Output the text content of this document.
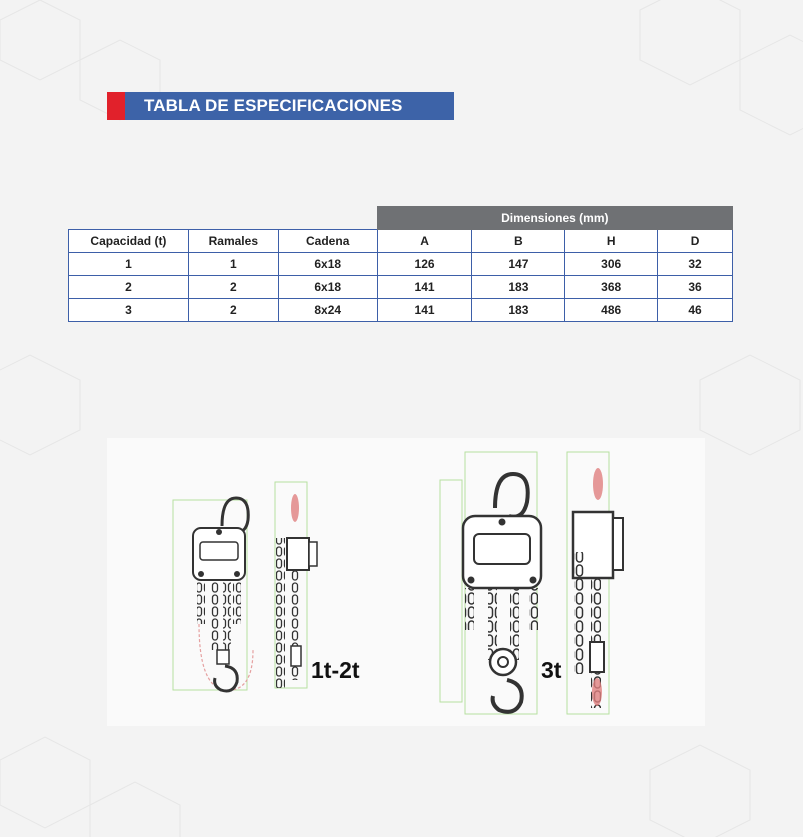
TABLA DE ESPECIFICACIONES
			Dimensiones (mm)			
Capacidad (t)	Ramales	Cadena	A	B	H	D
1	1	6x18	126	147	306	32
2	2	6x18	141	183	368	36
3	2	8x24	141	183	486	46
1t-2t	3t
